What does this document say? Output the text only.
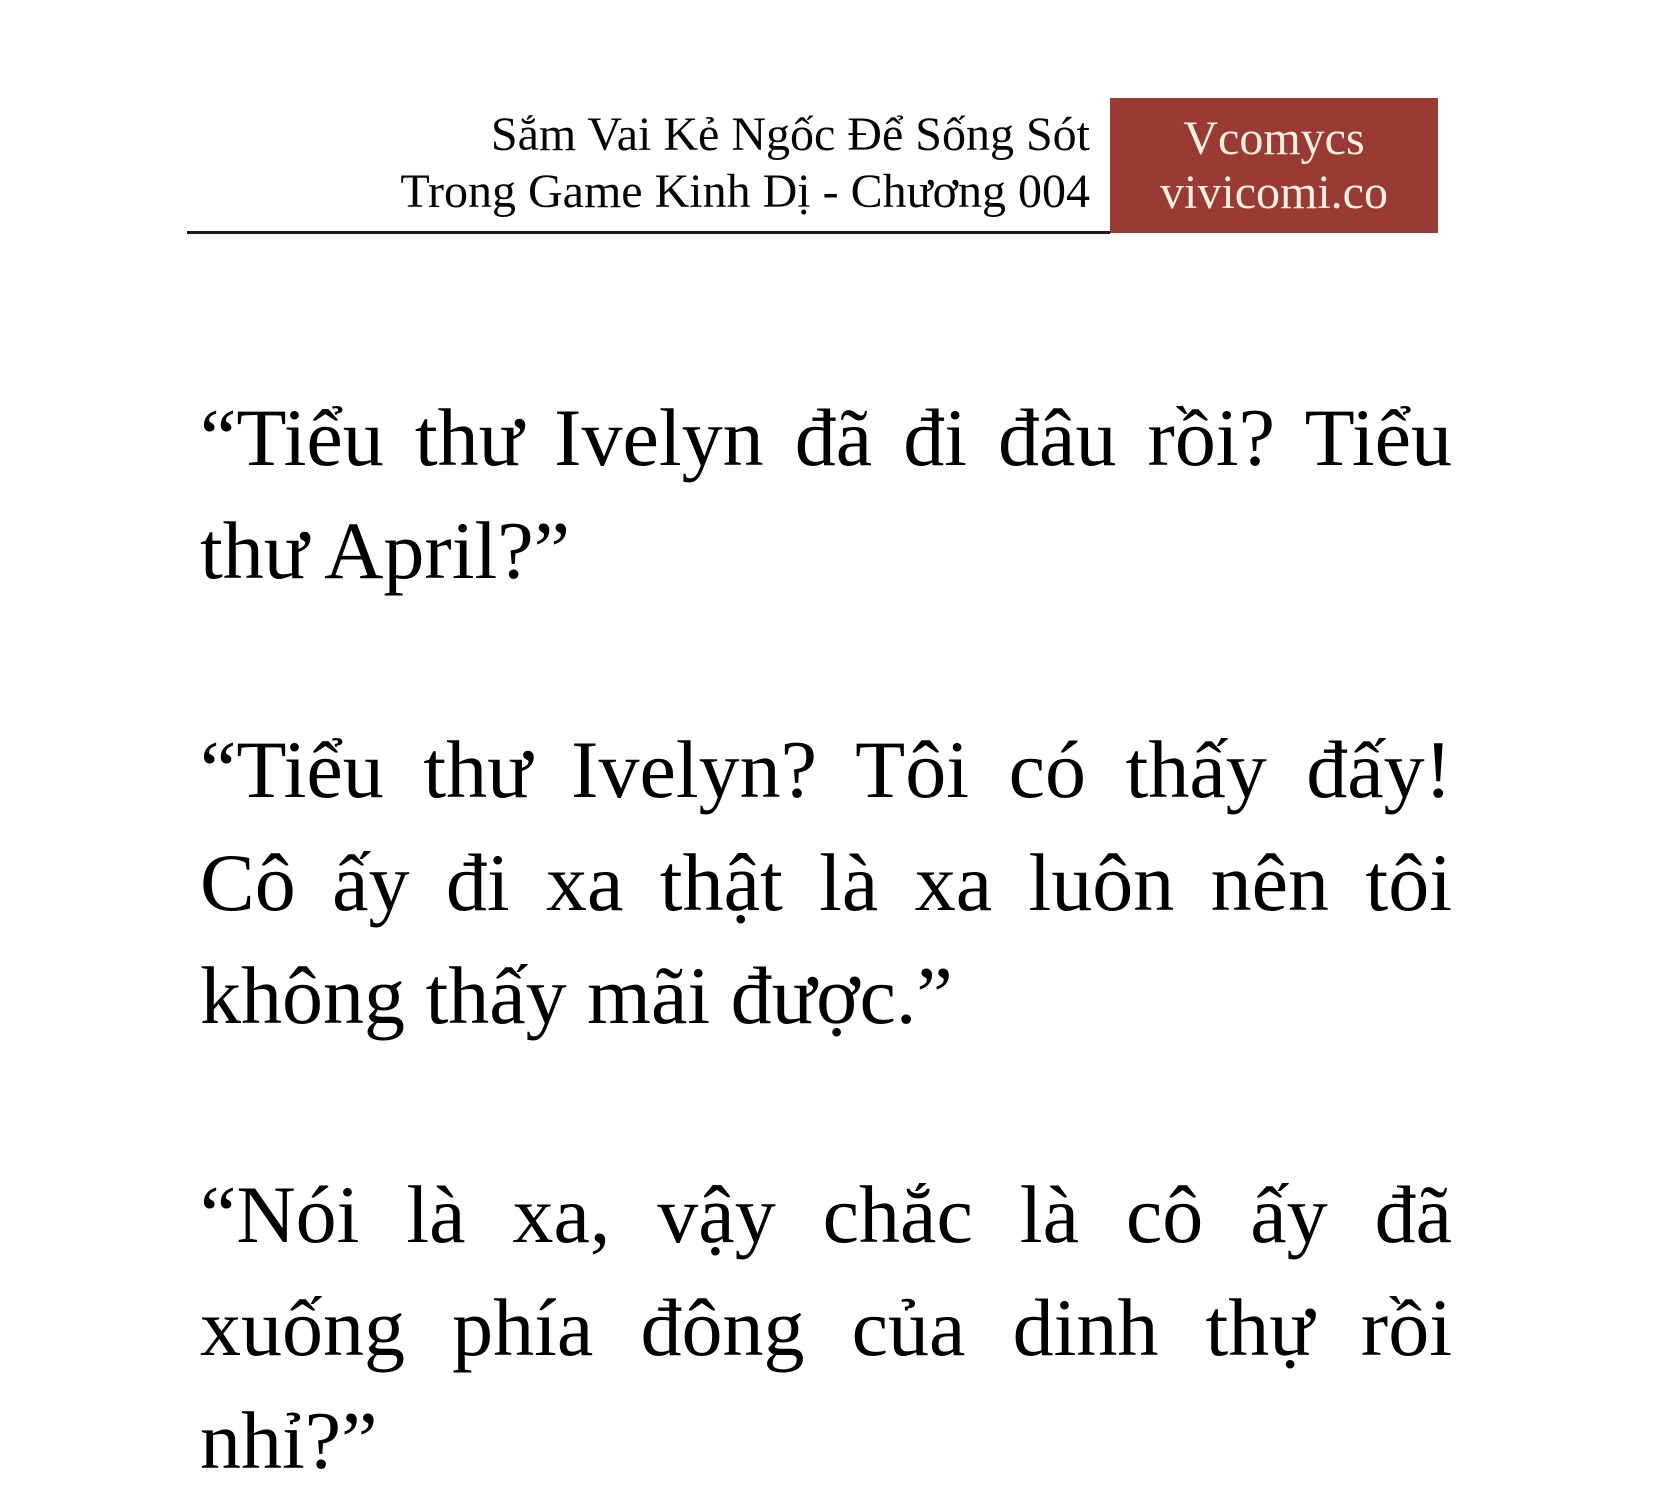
Sắm Vai Kẻ Ngốc Để Sống Sót
Trong Game Kinh Dị - Chương 004
Vcomycs
vivicomi.co

“Tiểu thư Ivelyn đã đi đâu rồi? Tiểu
thư April?”

“Tiểu thư Ivelyn? Tôi có thấy đấy!
Cô ấy đi xa thật là xa luôn nên tôi
không thấy mãi được.”

“Nói là xa, vậy chắc là cô ấy đã
xuống phía đông của dinh thự rồi
nhỉ?”
